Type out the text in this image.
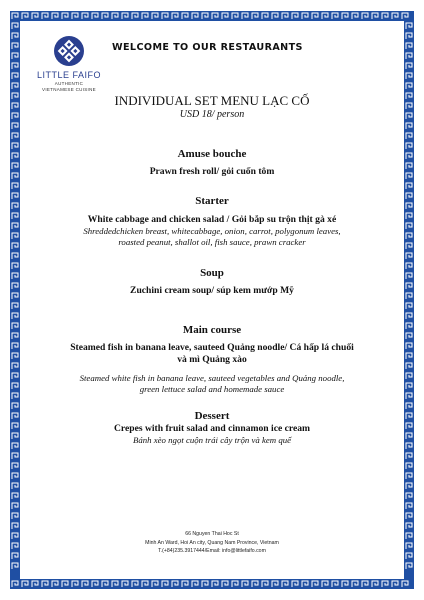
LITTLE FAIFO
AUTHENTIC
VIETNAMESE CUISINE
WELCOME TO OUR RESTAURANTS

INDIVIDUAL SET MENU LẠC CỐ

USD 18/ person

Amuse bouche

Prawn fresh roll/ gỏi cuốn tôm

Starter

White cabbage and chicken salad / Gỏi bắp su trộn thịt gà xé

Shreddedchicken breast, whitecabbage, onion, carrot, polygonum leaves,

roasted peanut, shallot oil, fish sauce, prawn cracker

Soup

Zuchini cream soup/ súp kem mướp Mỹ

Main course

Steamed fish in banana leave, sauteed Quảng noodle/ Cá hấp lá chuối

và mì Quảng xào

Steamed white fish in banana leave, sauteed vegetables and Quảng noodle,

green lettuce salad and homemade sauce

Dessert

Crepes with fruit salad and cinnamon ice cream

Bánh xèo ngọt cuộn trái cây trộn và kem quế

66 Nguyen Thai Hoc St
Minh An Ward, Hoi An city, Quang Nam Province, Vietnam
T.(+84)235.3917444/Email: info@littlefaifo.com
